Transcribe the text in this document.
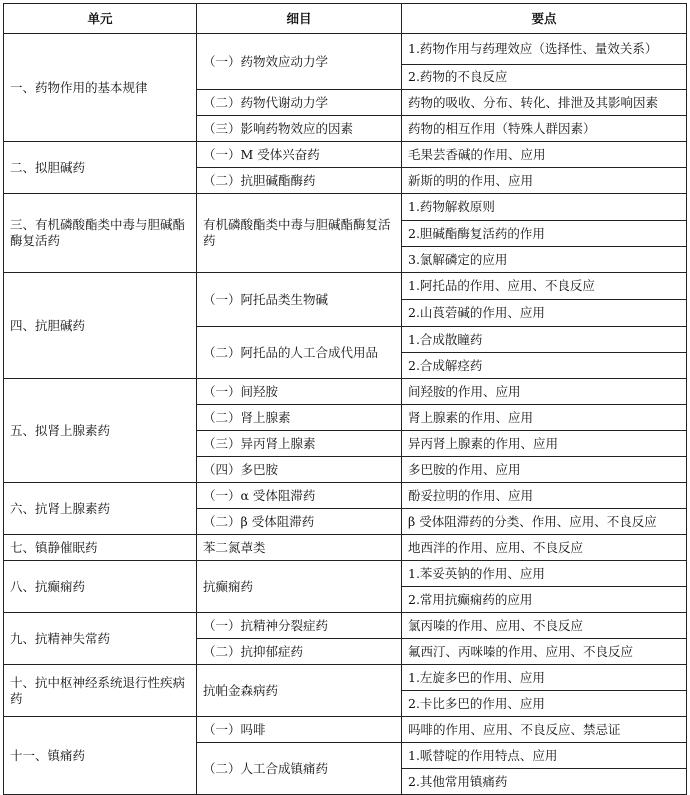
单元	细目	要点
一、药物作用的基本规律	（一）药物效应动力学	1.药物作用与药理效应（选择性、量效关系）
		2.药物的不良反应
	（二）药物代谢动力学	药物的吸收、分布、转化、排泄及其影响因素
	（三）影响药物效应的因素	药物的相互作用（特殊人群因素）
二、拟胆碱药	（一）M 受体兴奋药	毛果芸香碱的作用、应用
	（二）抗胆碱酯酶药	新斯的明的作用、应用
三、有机磷酸酯类中毒与胆碱酯酶复活药	有机磷酸酯类中毒与胆碱酯酶复活药	1.药物解救原则
		2.胆碱酯酶复活药的作用
		3.氯解磷定的应用
四、抗胆碱药	（一）阿托品类生物碱	1.阿托品的作用、应用、不良反应
		2.山莨菪碱的作用、应用
	（二）阿托品的人工合成代用品	1.合成散瞳药
		2.合成解痉药
五、拟肾上腺素药	（一）间羟胺	间羟胺的作用、应用
	（二）肾上腺素	肾上腺素的作用、应用
	（三）异丙肾上腺素	异丙肾上腺素的作用、应用
	（四）多巴胺	多巴胺的作用、应用
六、抗肾上腺素药	（一）α 受体阻滞药	酚妥拉明的作用、应用
	（二）β 受体阻滞药	β 受体阻滞药的分类、作用、应用、不良反应
七、镇静催眠药	苯二氮䓬类	地西泮的作用、应用、不良反应
八、抗癫痫药	抗癫痫药	1.苯妥英钠的作用、应用
		2.常用抗癫痫药的应用
九、抗精神失常药	（一）抗精神分裂症药	氯丙嗪的作用、应用、不良反应
	（二）抗抑郁症药	氟西汀、丙咪嗪的作用、应用、不良反应
十、抗中枢神经系统退行性疾病药	抗帕金森病药	1.左旋多巴的作用、应用
		2.卡比多巴的作用、应用
十一、镇痛药	（一）吗啡	吗啡的作用、应用、不良反应、禁忌证
	（二）人工合成镇痛药	1.哌替啶的作用特点、应用
		2.其他常用镇痛药
